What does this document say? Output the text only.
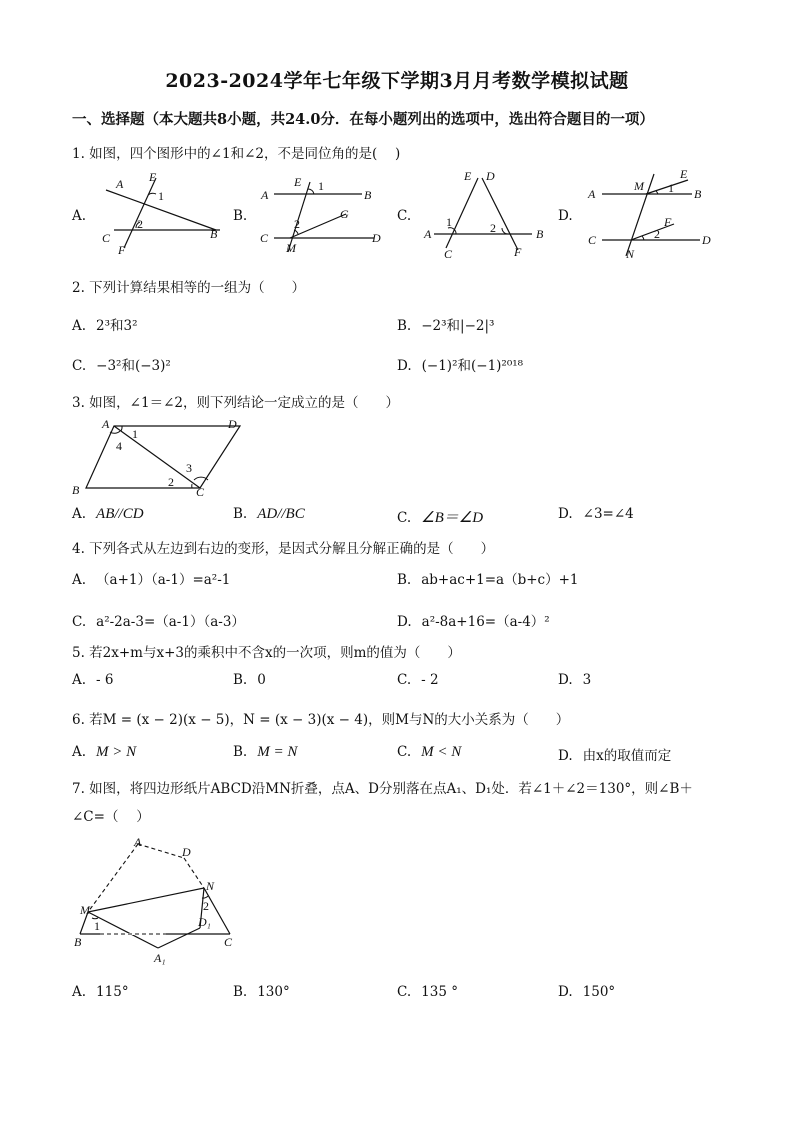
2023-2024学年七年级下学期3月月考数学模拟试题
一、选择题（本大题共8小题，共24.0分．在每小题列出的选项中，选出符合题目的一项）
1. 如图，四个图形中的∠1和∠2，不是同位角的是(　 )
A.
A E
1
2
C
F
B
B.
E 1
A	B
G
2
C
M
D
C.
E D
1
A	2	B
C	F
D.
E
M 1
A	B
F
2
C	D
N
2. 下列计算结果相等的一组为（　　）
A. 2³和3²	B. −2³和|−2|³
C. −3²和(−3)²	D. (−1)²和(−1)²⁰¹⁸
3. 如图，∠1＝∠2，则下列结论一定成立的是（　　）
A	D
1
4
3
2
B	C
A. AB//CD	B. AD//BC	C. ∠B＝∠D	D. ∠3=∠4
4. 下列各式从左边到右边的变形，是因式分解且分解正确的是（　　）
A. （a+1）（a-1）=a²-1	B. ab+ac+1=a（b+c）+1
C. a²-2a-3=（a-1）（a-3）	D. a²-8a+16=（a-4）²
5. 若2x+m与x+3的乘积中不含x的一次项，则m的值为（　　）
A. - 6	B. 0	C. - 2	D. 3
6. 若M = (x − 2)(x − 5)，N = (x − 3)(x − 4)，则M与N的大小关系为（　　）
A. M > N	B. M = N	C. M < N	D. 由x的取值而定
7. 如图，将四边形纸片ABCD沿MN折叠，点A、D分别落在点A₁、D₁处．若∠1＋∠2＝130°，则∠B＋
∠C=（　 ）
A
D
N
M	2
1	D₁
B	C
A₁
A. 115°	B. 130°	C. 135 °	D. 150°
